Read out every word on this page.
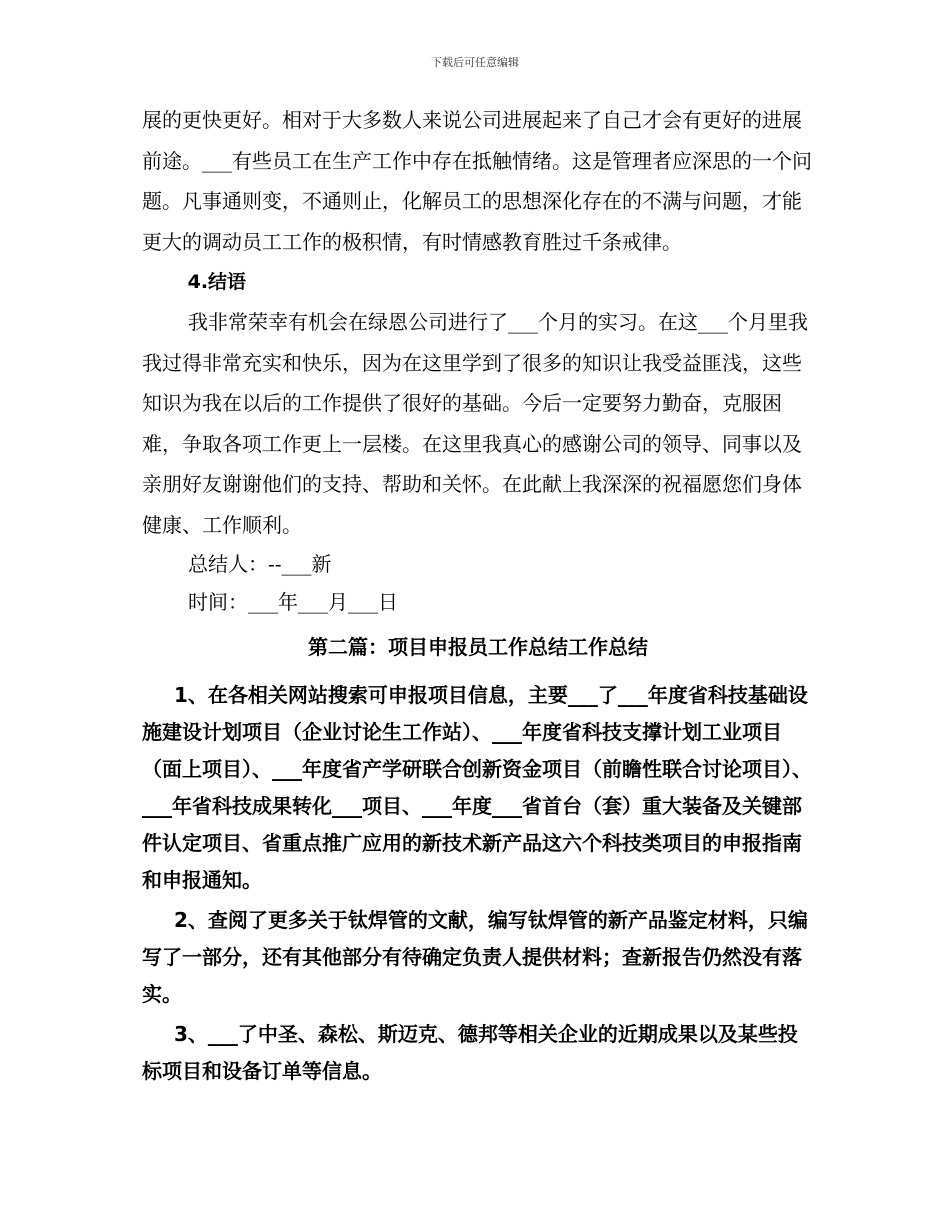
下载后可任意编辑

展的更快更好。相对于大多数人来说公司进展起来了自己才会有更好的进展前途。___有些员工在生产工作中存在抵触情绪。这是管理者应深思的一个问题。凡事通则变，不通则止，化解员工的思想深化存在的不满与问题，才能更大的调动员工工作的极积情，有时情感教育胜过千条戒律。

4.结语

我非常荣幸有机会在绿恩公司进行了___个月的实习。在这___个月里我我过得非常充实和快乐，因为在这里学到了很多的知识让我受益匪浅，这些知识为我在以后的工作提供了很好的基础。今后一定要努力勤奋，克服困难，争取各项工作更上一层楼。在这里我真心的感谢公司的领导、同事以及亲朋好友谢谢他们的支持、帮助和关怀。在此献上我深深的祝福愿您们身体健康、工作顺利。

总结人：--___新

时间：___年___月___日

第二篇：项目申报员工作总结工作总结

1、在各相关网站搜索可申报项目信息，主要___了___年度省科技基础设施建设计划项目（企业讨论生工作站）、___年度省科技支撑计划工业项目（面上项目）、___年度省产学研联合创新资金项目（前瞻性联合讨论项目）、___年省科技成果转化___项目、___年度___省首台（套）重大装备及关键部件认定项目、省重点推广应用的新技术新产品这六个科技类项目的申报指南和申报通知。

2、查阅了更多关于钛焊管的文献，编写钛焊管的新产品鉴定材料，只编写了一部分，还有其他部分有待确定负责人提供材料；查新报告仍然没有落实。

3、___了中圣、森松、斯迈克、德邦等相关企业的近期成果以及某些投标项目和设备订单等信息。
